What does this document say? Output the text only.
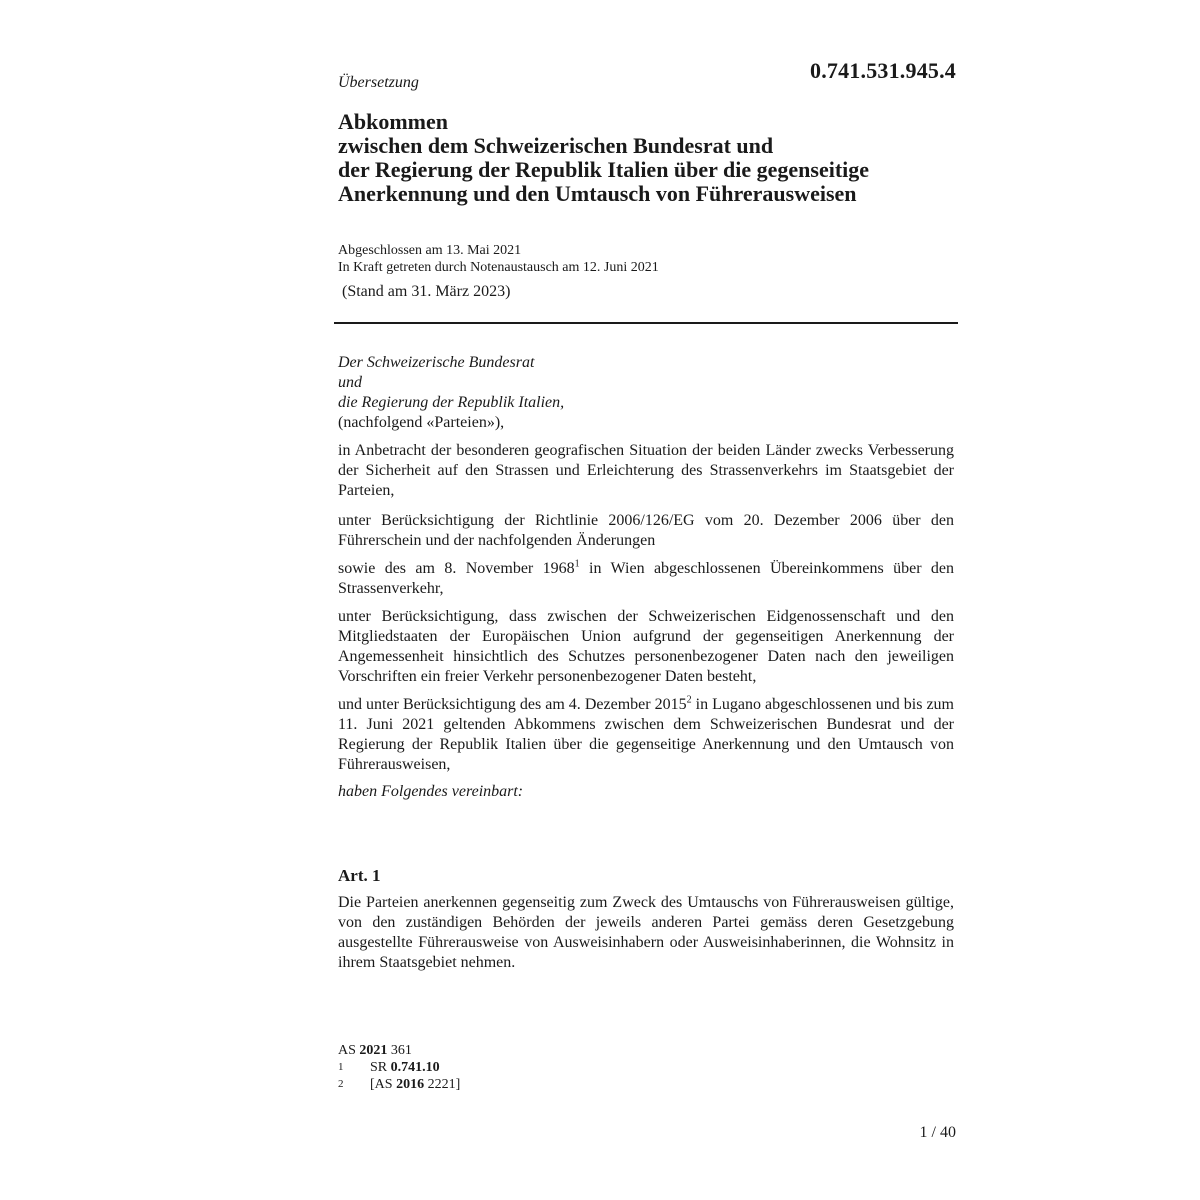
Übersetzung	0.741.531.945.4
Abkommen
zwischen dem Schweizerischen Bundesrat und
der Regierung der Republik Italien über die gegenseitige
Anerkennung und den Umtausch von Führerausweisen
Abgeschlossen am 13. Mai 2021
In Kraft getreten durch Notenaustausch am 12. Juni 2021
(Stand am 31. März 2023)
Der Schweizerische Bundesrat
und
die Regierung der Republik Italien,
(nachfolgend «Parteien»),
in Anbetracht der besonderen geografischen Situation der beiden Länder zwecks Verbesserung der Sicherheit auf den Strassen und Erleichterung des Strassenverkehrs im Staatsgebiet der Parteien,
unter Berücksichtigung der Richtlinie 2006/126/EG vom 20. Dezember 2006 über den Führerschein und der nachfolgenden Änderungen
sowie des am 8. November 1968$^1$ in Wien abgeschlossenen Übereinkommens über den Strassenverkehr,
unter Berücksichtigung, dass zwischen der Schweizerischen Eidgenossenschaft und den Mitgliedstaaten der Europäischen Union aufgrund der gegenseitigen Anerkennung der Angemessenheit hinsichtlich des Schutzes personenbezogener Daten nach den jeweiligen Vorschriften ein freier Verkehr personenbezogener Daten besteht,
und unter Berücksichtigung des am 4. Dezember 2015$^2$ in Lugano abgeschlossenen und bis zum 11. Juni 2021 geltenden Abkommens zwischen dem Schweizerischen Bundesrat und der Regierung der Republik Italien über die gegenseitige Anerkennung und den Umtausch von Führerausweisen,
haben Folgendes vereinbart:
Art. 1
Die Parteien anerkennen gegenseitig zum Zweck des Umtauschs von Führerausweisen gültige, von den zuständigen Behörden der jeweils anderen Partei gemäss deren Gesetzgebung ausgestellte Führerausweise von Ausweisinhabern oder Ausweisinhaberinnen, die Wohnsitz in ihrem Staatsgebiet nehmen.
AS 2021 361
1 SR 0.741.10
2 [AS 2016 2221]
1 / 40
